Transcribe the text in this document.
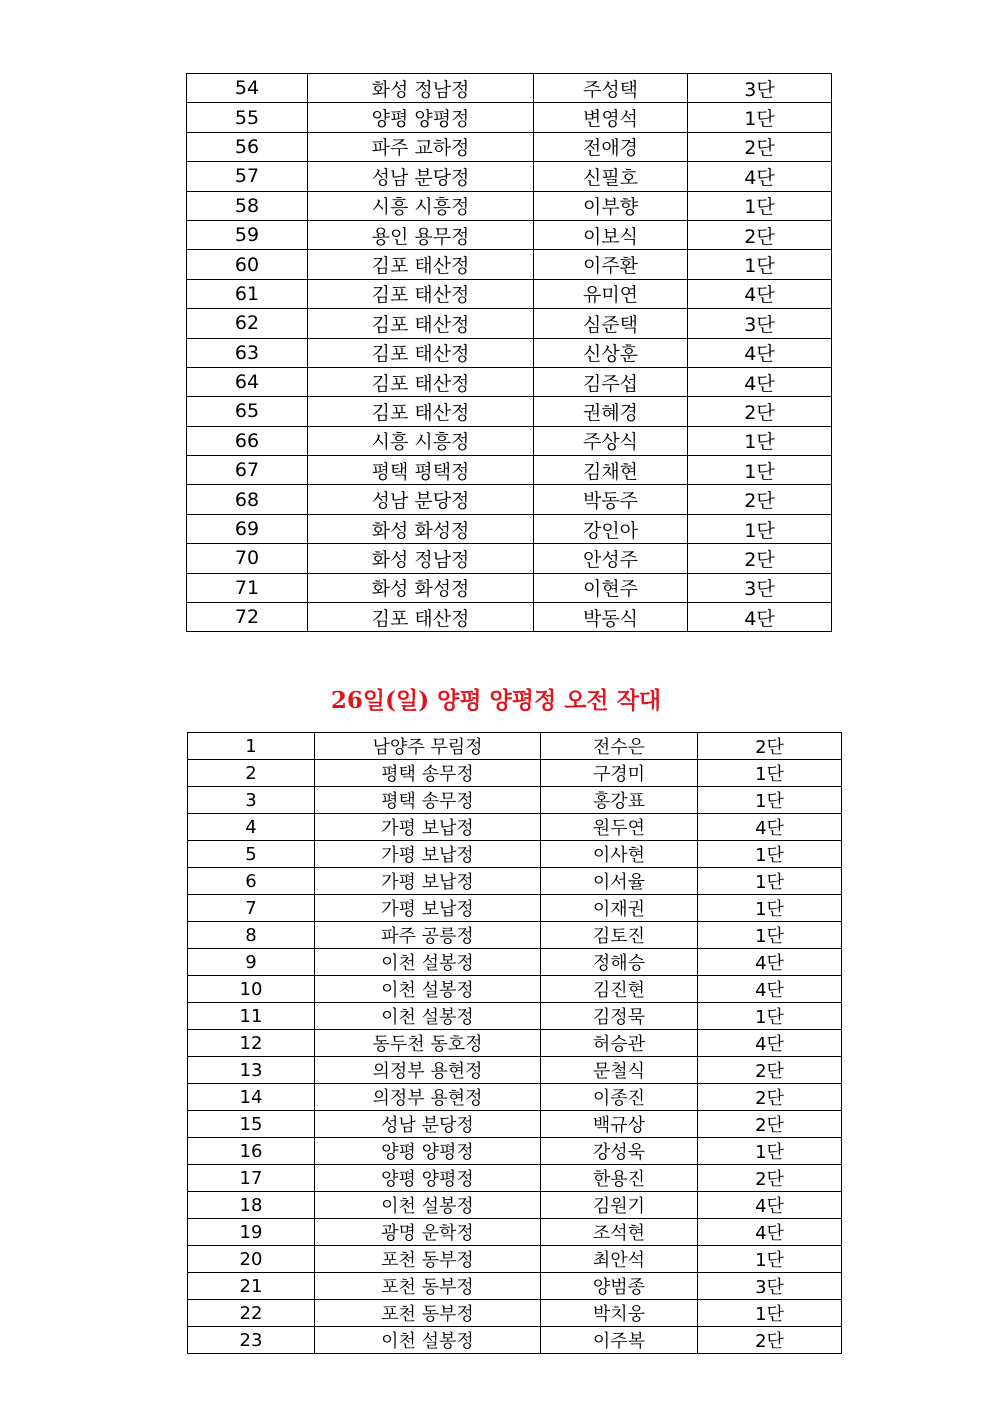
54	화성 정남정	주성택	3단
55	양평 양평정	변영석	1단
56	파주 교하정	전애경	2단
57	성남 분당정	신필호	4단
58	시흥 시흥정	이부향	1단
59	용인 용무정	이보식	2단
60	김포 태산정	이주환	1단
61	김포 태산정	유미연	4단
62	김포 태산정	심준택	3단
63	김포 태산정	신상훈	4단
64	김포 태산정	김주섭	4단
65	김포 태산정	권혜경	2단
66	시흥 시흥정	주상식	1단
67	평택 평택정	김채현	1단
68	성남 분당정	박동주	2단
69	화성 화성정	강인아	1단
70	화성 정남정	안성주	2단
71	화성 화성정	이현주	3단
72	김포 태산정	박동식	4단
26일(일) 양평 양평정 오전 작대
1	남양주 무림정	전수은	2단
2	평택 송무정	구경미	1단
3	평택 송무정	홍강표	1단
4	가평 보납정	원두연	4단
5	가평 보납정	이사현	1단
6	가평 보납정	이서율	1단
7	가평 보납정	이재권	1단
8	파주 공릉정	김토진	1단
9	이천 설봉정	정해승	4단
10	이천 설봉정	김진현	4단
11	이천 설봉정	김정묵	1단
12	동두천 동호정	허승관	4단
13	의정부 용현정	문철식	2단
14	의정부 용현정	이종진	2단
15	성남 분당정	백규상	2단
16	양평 양평정	강성욱	1단
17	양평 양평정	한용진	2단
18	이천 설봉정	김원기	4단
19	광명 운학정	조석현	4단
20	포천 동부정	최안석	1단
21	포천 동부정	양범종	3단
22	포천 동부정	박치웅	1단
23	이천 설봉정	이주복	2단
